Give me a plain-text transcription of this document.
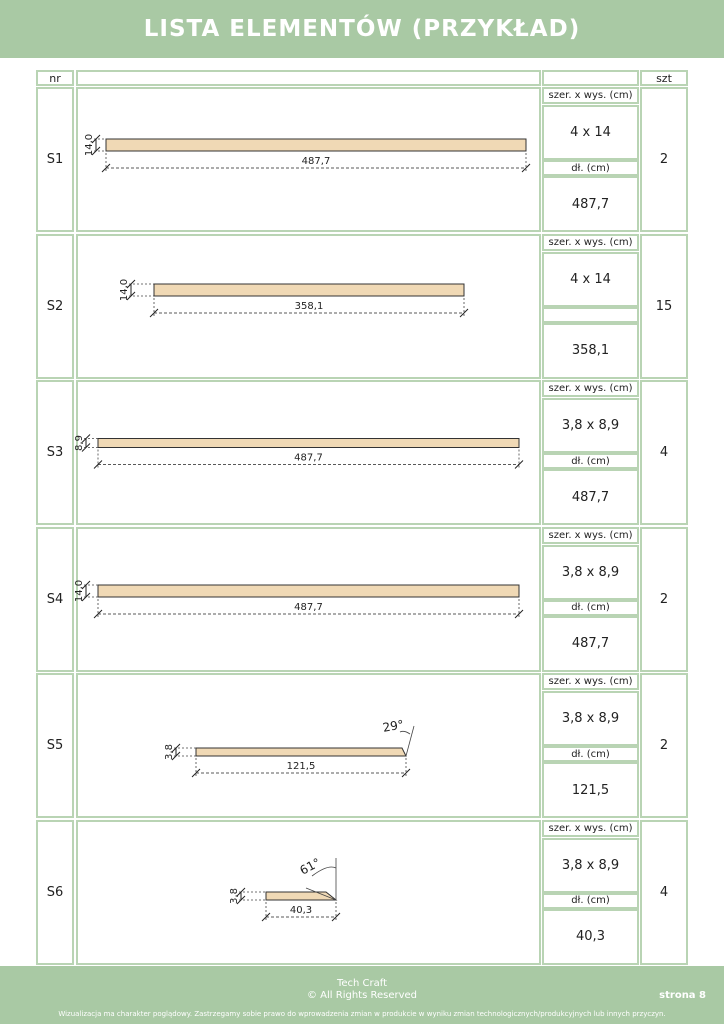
LISTA ELEMENTÓW (PRZYKŁAD)
nr	szt
S1
szer. x wys. (cm)
4 x 14
dł. (cm)
487,7
2
14,0
487,7
S2
szer. x wys. (cm)
4 x 14
358,1
15
14,0
358,1
S3
szer. x wys. (cm)
3,8 x 8,9
dł. (cm)
487,7
4
8,9
487,7
S4
szer. x wys. (cm)
3,8 x 8,9
dł. (cm)
487,7
2
14,0
487,7
S5
szer. x wys. (cm)
3,8 x 8,9
dł. (cm)
121,5
2
3,8
121,5
29°
S6
szer. x wys. (cm)
3,8 x 8,9
dł. (cm)
40,3
4
3,8
40,3
61°
Tech Craft
© All Rights Reserved	strona 8
Wizualizacja ma charakter poglądowy. Zastrzegamy sobie prawo do wprowadzenia zmian w produkcie w wyniku zmian technologicznych/produkcyjnych lub innych przyczyn.
